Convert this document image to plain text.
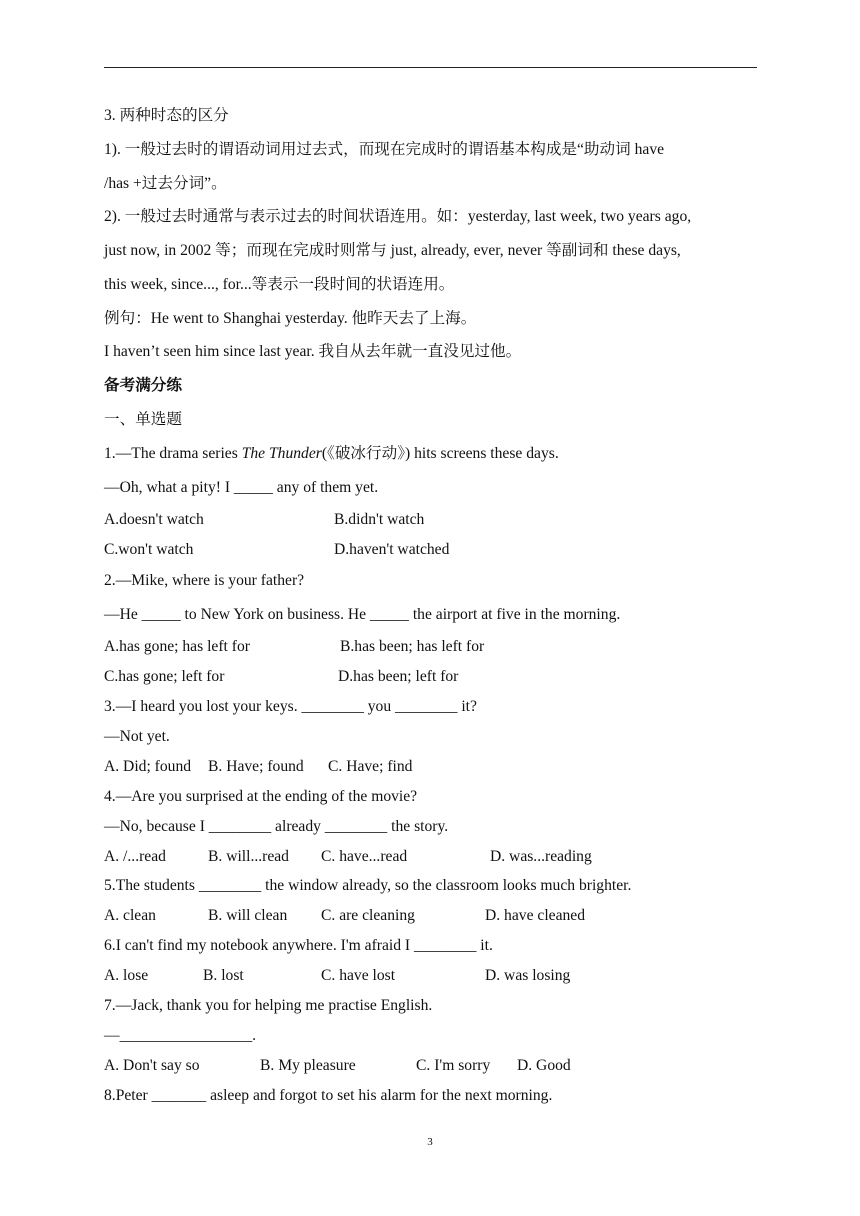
3. 两种时态的区分
1). 一般过去时的谓语动词用过去式，而现在完成时的谓语基本构成是“助动词 have
/has +过去分词”。
2). 一般过去时通常与表示过去的时间状语连用。如：yesterday, last week, two years ago,
just now, in 2002 等；而现在完成时则常与 just, already, ever, never 等副词和 these days,
this week, since..., for...等表示一段时间的状语连用。
例句：He went to Shanghai yesterday. 他昨天去了上海。
I haven’t seen him since last year. 我自从去年就一直没见过他。
备考满分练
一、单选题
1.—The drama series The Thunder(《破冰行动》) hits screens these days.
—Oh, what a pity! I _____ any of them yet.
A.doesn't watch	B.didn't watch
C.won't watch	D.haven't watched
2.—Mike, where is your father?
—He _____ to New York on business. He _____ the airport at five in the morning.
A.has gone; has left for	B.has been; has left for
C.has gone; left for	D.has been; left for
3.—I heard you lost your keys. ________ you ________ it?
—Not yet.
A. Did; found B. Have; found C. Have; find
4.—Are you surprised at the ending of the movie?
—No, because I ________ already ________ the story.
A. /...read	B. will...read C. have...read	D. was...reading
5.The students ________ the window already, so the classroom looks much brighter.
A. clean	B. will clean C. are cleaning	D. have cleaned
6.I can't find my notebook anywhere. I'm afraid I ________ it.
A. lose	B. lost	C. have lost	D. was losing
7.—Jack, thank you for helping me practise English.
—_________________.
A. Don't say so	B. My pleasure	C. I'm sorry D. Good
8.Peter _______ asleep and forgot to set his alarm for the next morning.
3
